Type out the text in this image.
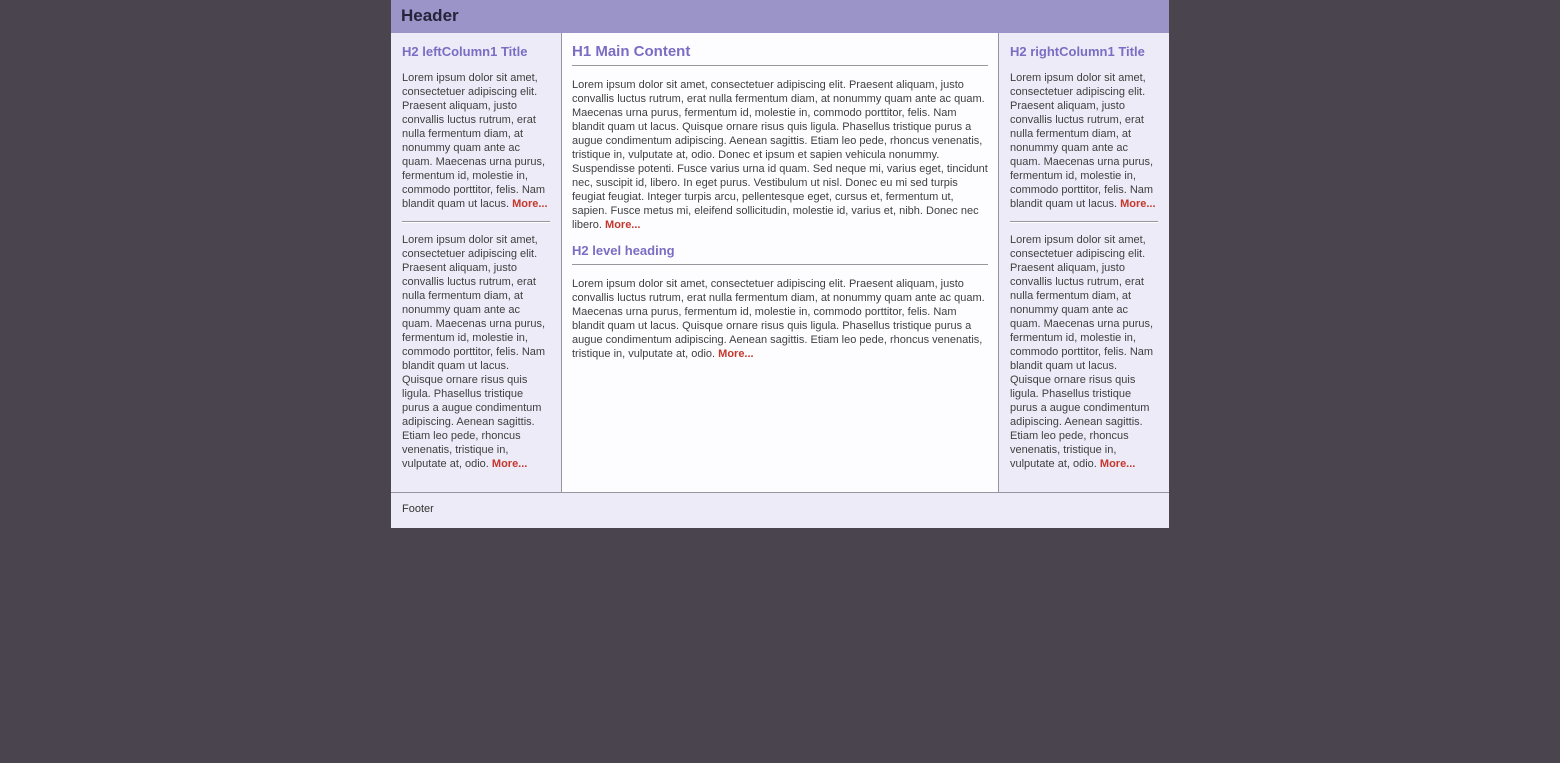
Header
H2 leftColumn1 Title

Lorem ipsum dolor sit amet, consectetuer adipiscing elit. Praesent aliquam, justo convallis luctus rutrum, erat nulla fermentum diam, at nonummy quam ante ac quam. Maecenas urna purus, fermentum id, molestie in, commodo porttitor, felis. Nam blandit quam ut lacus. More...

Lorem ipsum dolor sit amet, consectetuer adipiscing elit. Praesent aliquam, justo convallis luctus rutrum, erat nulla fermentum diam, at nonummy quam ante ac quam. Maecenas urna purus, fermentum id, molestie in, commodo porttitor, felis. Nam blandit quam ut lacus. Quisque ornare risus quis ligula. Phasellus tristique purus a augue condimentum adipiscing. Aenean sagittis. Etiam leo pede, rhoncus venenatis, tristique in, vulputate at, odio. More...

H1 Main Content

Lorem ipsum dolor sit amet, consectetuer adipiscing elit. Praesent aliquam, justo convallis luctus rutrum, erat nulla fermentum diam, at nonummy quam ante ac quam. Maecenas urna purus, fermentum id, molestie in, commodo porttitor, felis. Nam blandit quam ut lacus. Quisque ornare risus quis ligula. Phasellus tristique purus a augue condimentum adipiscing. Aenean sagittis. Etiam leo pede, rhoncus venenatis, tristique in, vulputate at, odio. Donec et ipsum et sapien vehicula nonummy. Suspendisse potenti. Fusce varius urna id quam. Sed neque mi, varius eget, tincidunt nec, suscipit id, libero. In eget purus. Vestibulum ut nisl. Donec eu mi sed turpis feugiat feugiat. Integer turpis arcu, pellentesque eget, cursus et, fermentum ut, sapien. Fusce metus mi, eleifend sollicitudin, molestie id, varius et, nibh. Donec nec libero. More...

H2 level heading

Lorem ipsum dolor sit amet, consectetuer adipiscing elit. Praesent aliquam, justo convallis luctus rutrum, erat nulla fermentum diam, at nonummy quam ante ac quam. Maecenas urna purus, fermentum id, molestie in, commodo porttitor, felis. Nam blandit quam ut lacus. Quisque ornare risus quis ligula. Phasellus tristique purus a augue condimentum adipiscing. Aenean sagittis. Etiam leo pede, rhoncus venenatis, tristique in, vulputate at, odio. More...

H2 rightColumn1 Title

Lorem ipsum dolor sit amet, consectetuer adipiscing elit. Praesent aliquam, justo convallis luctus rutrum, erat nulla fermentum diam, at nonummy quam ante ac quam. Maecenas urna purus, fermentum id, molestie in, commodo porttitor, felis. Nam blandit quam ut lacus. More...

Lorem ipsum dolor sit amet, consectetuer adipiscing elit. Praesent aliquam, justo convallis luctus rutrum, erat nulla fermentum diam, at nonummy quam ante ac quam. Maecenas urna purus, fermentum id, molestie in, commodo porttitor, felis. Nam blandit quam ut lacus. Quisque ornare risus quis ligula. Phasellus tristique purus a augue condimentum adipiscing. Aenean sagittis. Etiam leo pede, rhoncus venenatis, tristique in, vulputate at, odio. More...

Footer
